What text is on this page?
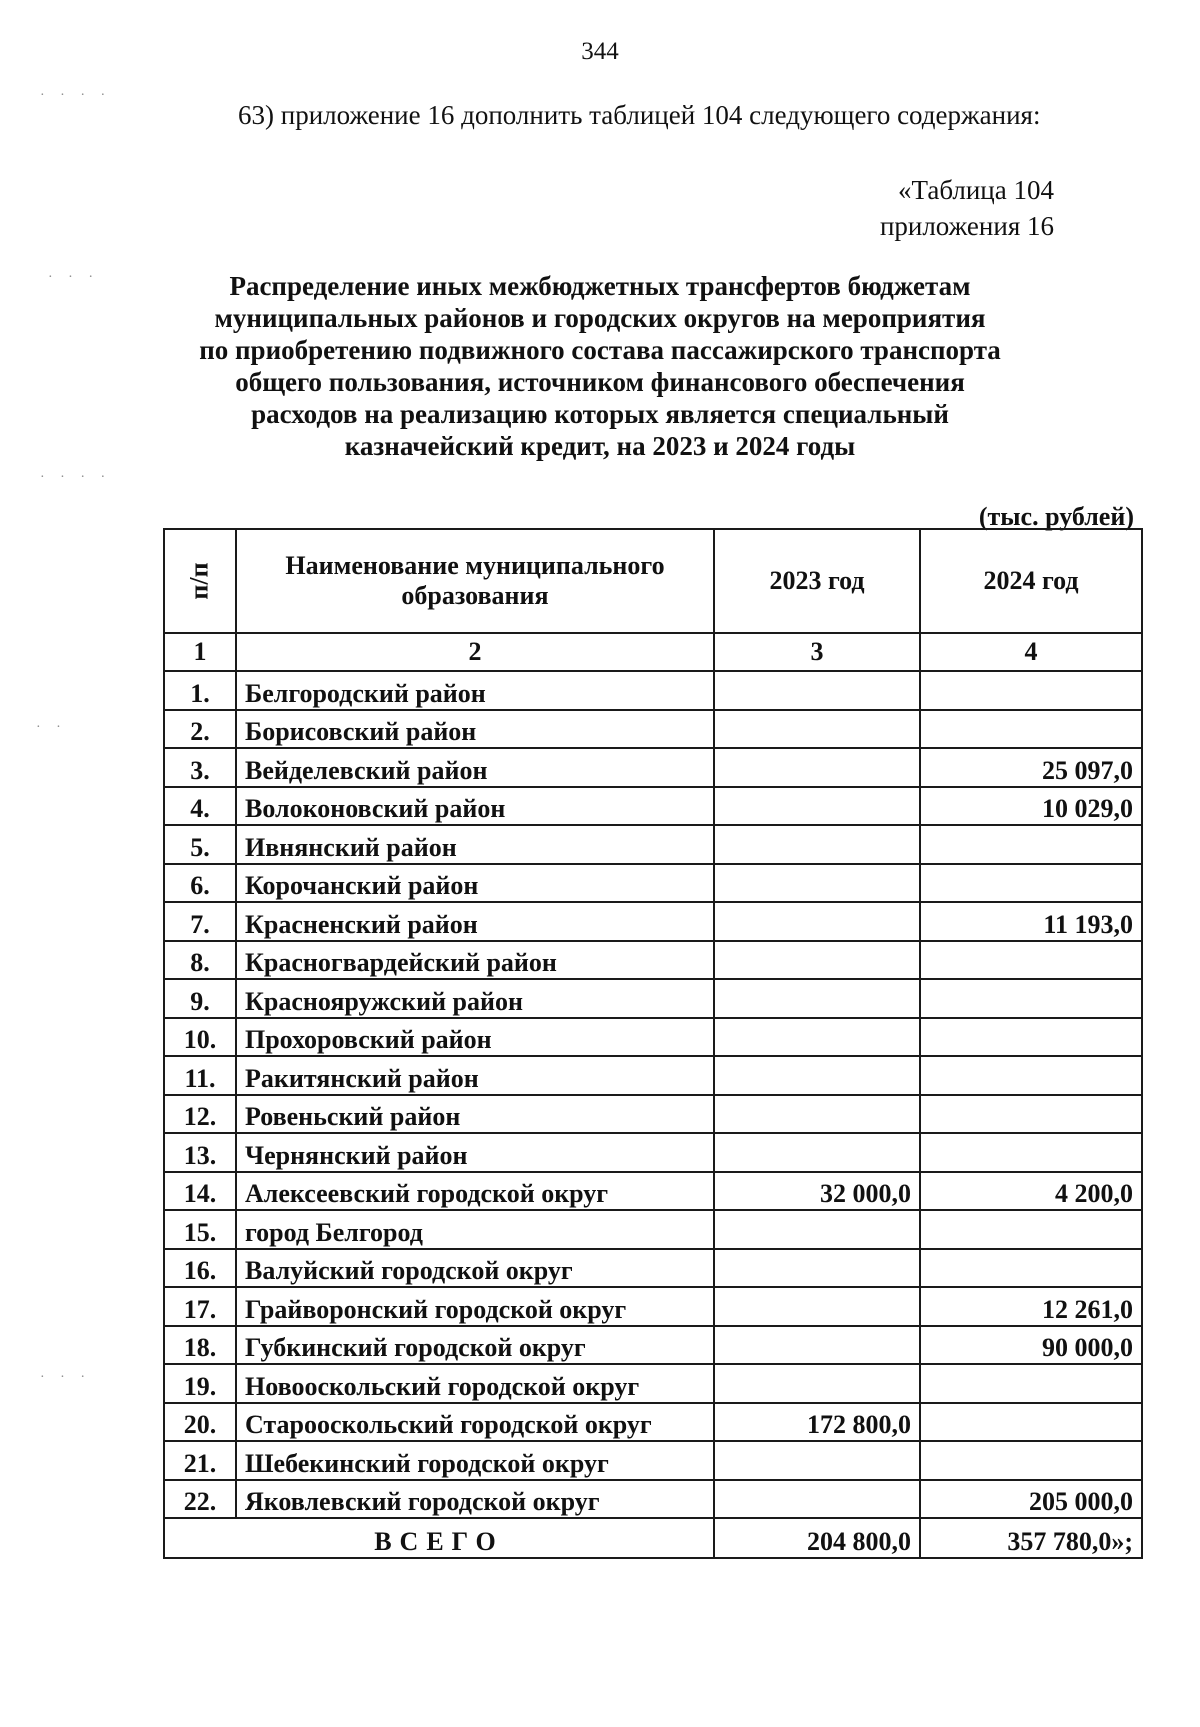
344
63) приложение 16 дополнить таблицей 104 следующего содержания:
«Таблица 104
приложения 16
Распределение иных межбюджетных трансфертов бюджетам
муниципальных районов и городских округов на мероприятия
по приобретению подвижного состава пассажирского транспорта
общего пользования, источником финансового обеспечения
расходов на реализацию которых является специальный
казначейский кредит, на 2023 и 2024 годы
(тыс. рублей)
п/п	Наименование муниципального образования	2023 год	2024 год
1	2	3	4
1.	Белгородский район		
2.	Борисовский район		
3.	Вейделевский район		25 097,0
4.	Волоконовский район		10 029,0
5.	Ивнянский район		
6.	Корочанский район		
7.	Красненский район		11 193,0
8.	Красногвардейский район		
9.	Краснояружский район		
10.	Прохоровский район		
11.	Ракитянский район		
12.	Ровеньский район		
13.	Чернянский район		
14.	Алексеевский городской округ	32 000,0	4 200,0
15.	город Белгород		
16.	Валуйский городской округ		
17.	Грайворонский городской округ		12 261,0
18.	Губкинский городской округ		90 000,0
19.	Новооскольский городской округ		
20.	Старооскольский городской округ	172 800,0	
21.	Шебекинский городской округ		
22.	Яковлевский городской округ		205 000,0
ВСЕГО		204 800,0	357 780,0»;
· · · ·
· · ·
· · · ·
· ·
· · ·
